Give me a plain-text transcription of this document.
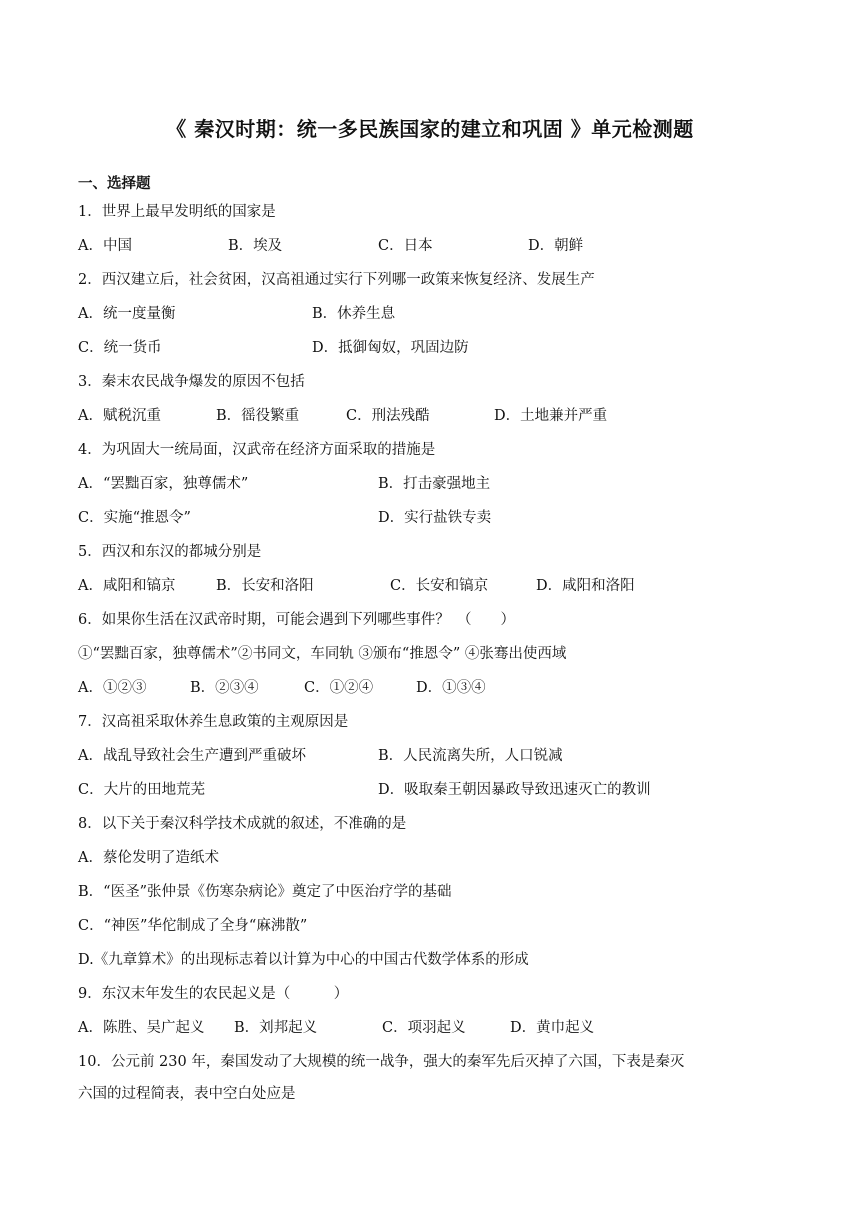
《 秦汉时期：统一多民族国家的建立和巩固 》单元检测题
一、选择题
1．世界上最早发明纸的国家是
A．中国	B．埃及	C．日本	D．朝鲜
2．西汉建立后，社会贫困，汉高祖通过实行下列哪一政策来恢复经济、发展生产
A．统一度量衡	B．休养生息
C．统一货币	D．抵御匈奴，巩固边防
3．秦末农民战争爆发的原因不包括
A．赋税沉重	B．徭役繁重	C．刑法残酷	D．土地兼并严重
4．为巩固大一统局面，汉武帝在经济方面采取的措施是
A．“罢黜百家，独尊儒术”	B．打击豪强地主
C．实施“推恩令”	D．实行盐铁专卖
5．西汉和东汉的都城分别是
A．咸阳和镐京	B．长安和洛阳	C．长安和镐京	D．咸阳和洛阳
6．如果你生活在汉武帝时期，可能会遇到下列哪些事件？　（　　）
①“罢黜百家，独尊儒术”②书同文，车同轨 ③颁布“推恩令” ④张骞出使西域
A．①②③	B．②③④	C．①②④	D．①③④
7．汉高祖采取休养生息政策的主观原因是
A．战乱导致社会生产遭到严重破坏	B．人民流离失所，人口锐减
C．大片的田地荒芜	D．吸取秦王朝因暴政导致迅速灭亡的教训
8．以下关于秦汉科学技术成就的叙述，不准确的是
A．蔡伦发明了造纸术
B．“医圣”张仲景《伤寒杂病论》奠定了中医治疗学的基础
C．“神医”华佗制成了全身“麻沸散”
D.《九章算术》的出现标志着以计算为中心的中国古代数学体系的形成
9．东汉末年发生的农民起义是（　　　）
A．陈胜、吴广起义 B．刘邦起义	C．项羽起义	D．黄巾起义
10．公元前 230 年，秦国发动了大规模的统一战争，强大的秦军先后灭掉了六国，下表是秦灭
六国的过程简表，表中空白处应是
